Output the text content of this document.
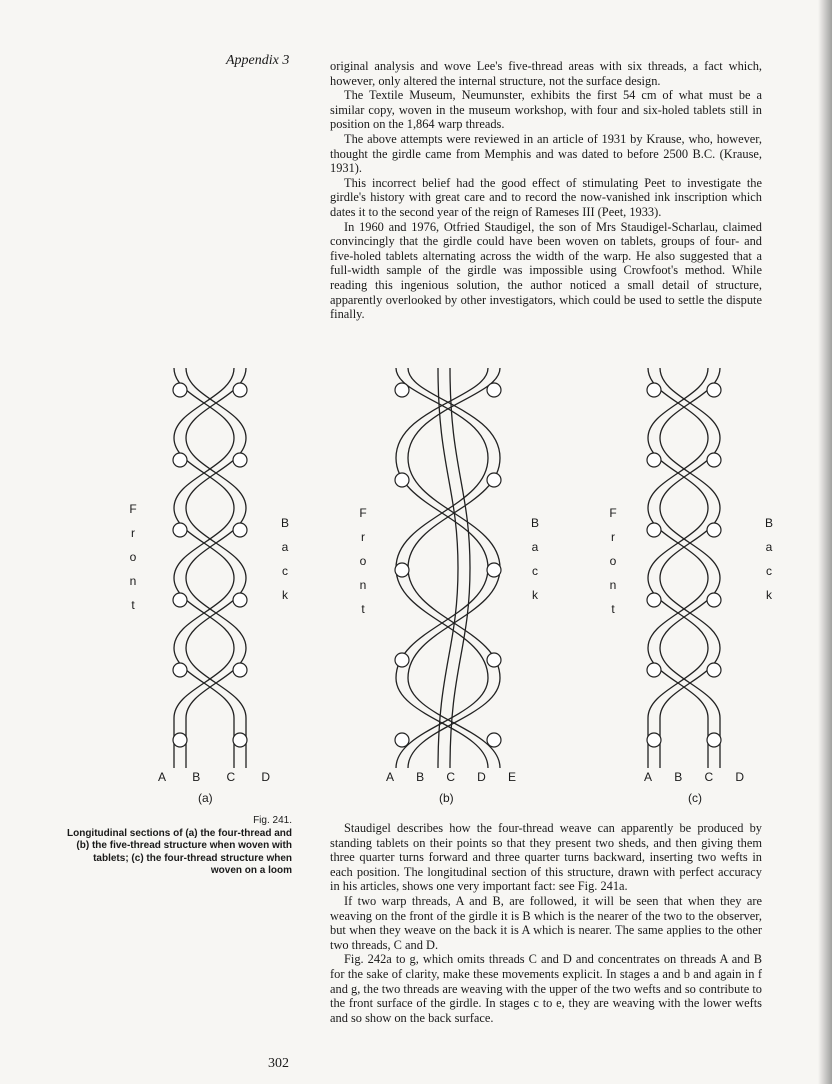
Appendix 3	original analysis and wove Lee's five-thread areas with six threads, a fact which, however, only altered the internal structure, not the surface design.

The Textile Museum, Neumunster, exhibits the first 54 cm of what must be a similar copy, woven in the museum workshop, with four and six-holed tablets still in position on the 1,864 warp threads.

The above attempts were reviewed in an article of 1931 by Krause, who, however, thought the girdle came from Memphis and was dated to before 2500 B.C. (Krause, 1931).

This incorrect belief had the good effect of stimulating Peet to investigate the girdle's history with great care and to record the now-vanished ink inscription which dates it to the second year of the reign of Rameses III (Peet, 1933).

In 1960 and 1976, Otfried Staudigel, the son of Mrs Staudigel-Scharlau, claimed convincingly that the girdle could have been woven on tablets, groups of four- and five-holed tablets alternating across the width of the warp. He also suggested that a full-width sample of the girdle was impossible using Crowfoot's method. While reading this ingenious solution, the author noticed a small detail of structure, apparently overlooked by other investigators, which could be used to settle the dispute finally.

F
r
o
n
t
B
a
c
k
A B C D
(a)
F
r
o
n
t
B
a
c
k
A B C D E
(b)
F
r
o
n
t
B
a
c
k
A B C D
(c)
Fig. 241.
Longitudinal sections of (a) the four-thread and (b) the five-thread structure when woven with tablets; (c) the four-thread structure when woven on a loom

Staudigel describes how the four-thread weave can apparently be produced by standing tablets on their points so that they present two sheds, and then giving them three quarter turns forward and three quarter turns backward, inserting two wefts in each position. The longitudinal section of this structure, drawn with perfect accuracy in his articles, shows one very important fact: see Fig. 241a.

If two warp threads, A and B, are followed, it will be seen that when they are weaving on the front of the girdle it is B which is the nearer of the two to the observer, but when they weave on the back it is A which is nearer. The same applies to the other two threads, C and D.

Fig. 242a to g, which omits threads C and D and concentrates on threads A and B for the sake of clarity, make these movements explicit. In stages a and b and again in f and g, the two threads are weaving with the upper of the two wefts and so contribute to the front surface of the girdle. In stages c to e, they are weaving with the lower wefts and so show on the back surface.

302
